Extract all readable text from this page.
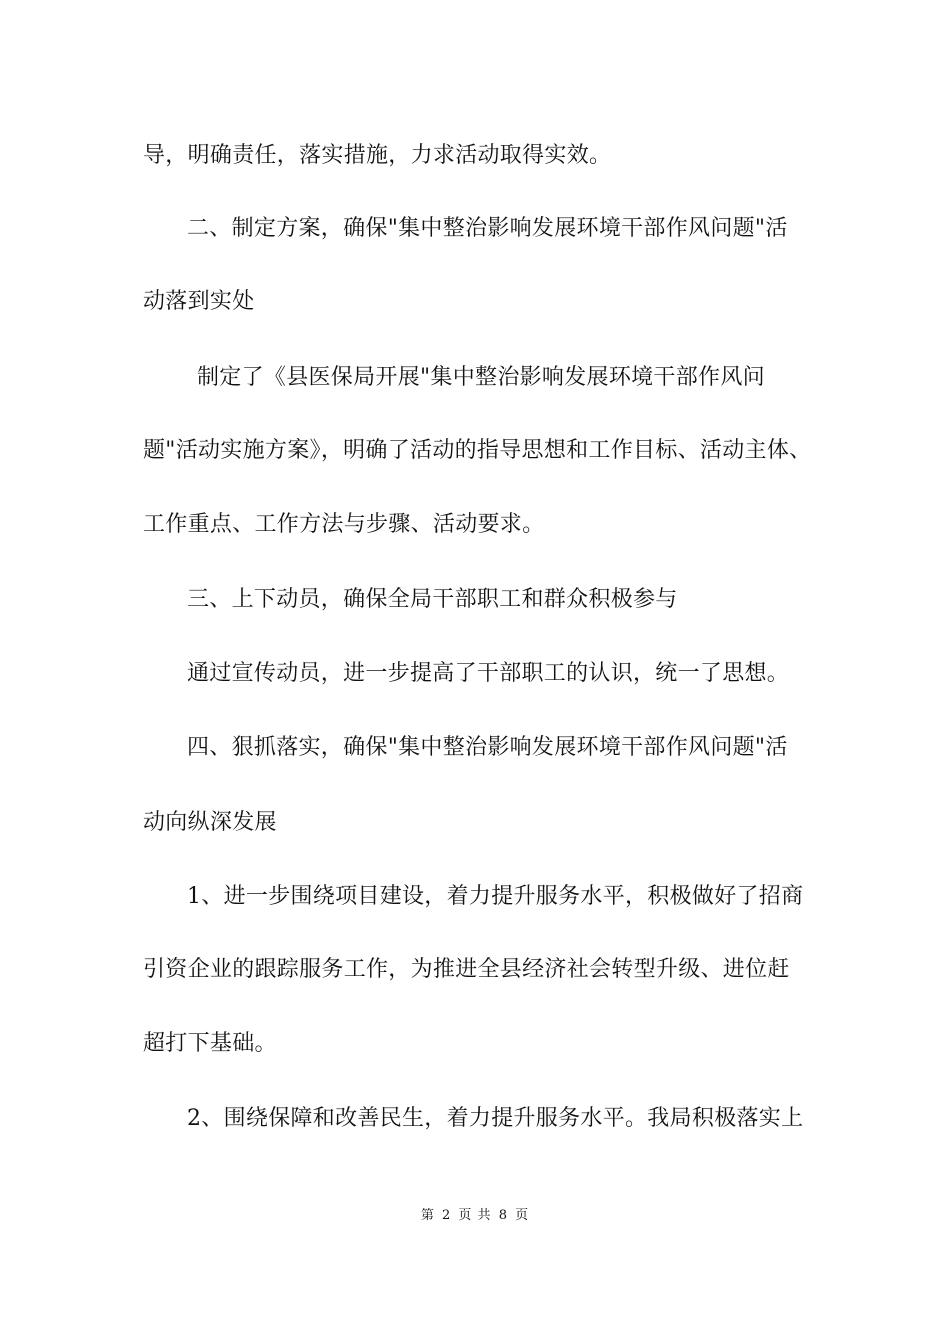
导，明确责任，落实措施，力求活动取得实效。
二、制定方案，确保"集中整治影响发展环境干部作风问题"活
动落到实处
制定了《县医保局开展"集中整治影响发展环境干部作风问
题"活动实施方案》，明确了活动的指导思想和工作目标、活动主体、
工作重点、工作方法与步骤、活动要求。
三、上下动员，确保全局干部职工和群众积极参与
通过宣传动员，进一步提高了干部职工的认识，统一了思想。
四、狠抓落实，确保"集中整治影响发展环境干部作风问题"活
动向纵深发展
1、进一步围绕项目建设，着力提升服务水平，积极做好了招商
引资企业的跟踪服务工作，为推进全县经济社会转型升级、进位赶
超打下基础。
2、围绕保障和改善民生，着力提升服务水平。我局积极落实上
第 2 页 共 8 页
